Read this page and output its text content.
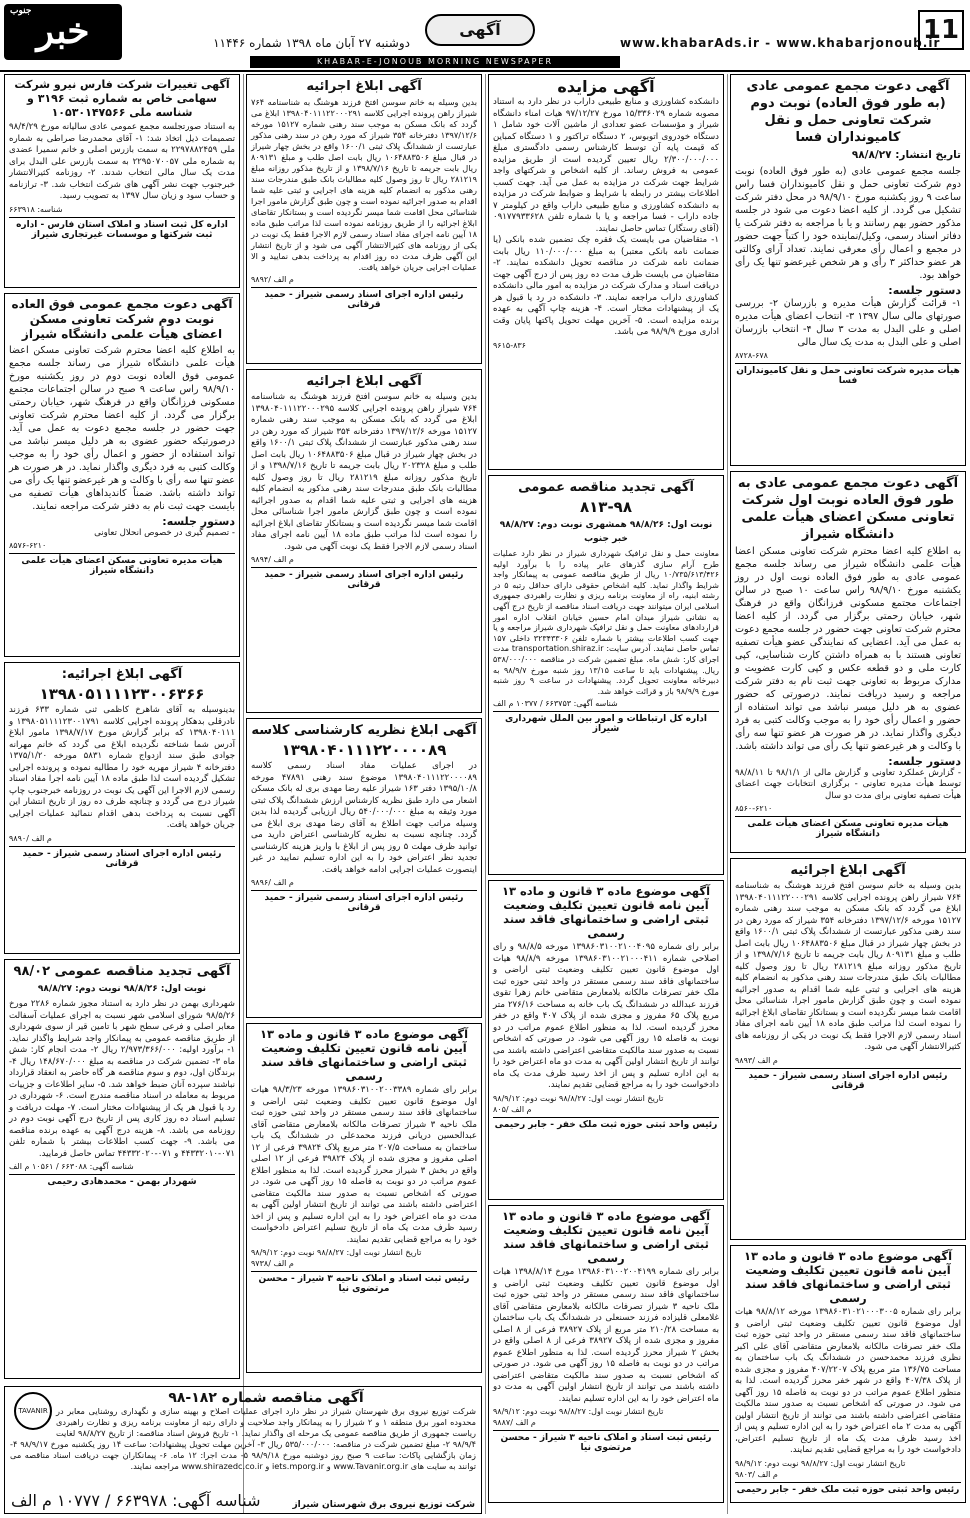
جنوب خبر	دوشنبه ۲۷ آبان ماه ۱۳۹۸ شماره ۱۱۴۴۶
آگهی
www.khabarAds.ir - www.khabarjonoub.ir
11
KHABAR-E-JONOUB MORNING NEWSPAPER
آگهی دعوت مجمع عمومی عادی (به طور فوق العاده) نوبت دوم شرکت تعاونی حمل و نقل کامیونداران فسا
تاریخ انتشار: ۹۸/۸/۲۷

جلسه مجمع عمومی عادی (به طور فوق العاده) نوبت دوم شرکت تعاونی حمل و نقل کامیونداران فسا راس ساعت ۹ روز یکشنبه مورخ ۹۸/۹/۱۰ در محل دفتر شرکت تشکیل می گردد. از کلیه اعضا دعوت می شود در جلسه مذکور حضور بهم رسانند و یا با مراجعه به دفتر شرکت یا دفاتر اسناد رسمی، وکیل/نماینده خود را کتباً جهت حضور در مجمع و اعمال رأی معرفی نمایند. تعداد آرای وکالتی هر عضو حداکثر ۳ رأی و هر شخص غیرعضو تنها یک رأی خواهد بود.

دستور جلسه:

۱- قرائت گزارش هیأت مدیره و بازرسان ۲- بررسی صورتهای مالی سال ۱۳۹۷ ۳- انتخاب اعضای هیأت مدیره اصلی و علی البدل به مدت ۳ سال ۴- انتخاب بازرسان اصلی و علی البدل به مدت یک سال مالی

۸۷۲۸-۶۷۸
هیأت مدیره شرکت تعاونی حمل و نقل کامیونداران فسا
آگهی دعوت مجمع عمومی عادی به طور فوق العاده نوبت اول شرکت تعاونی مسکن اعضای هیأت علمی دانشگاه شیراز

به اطلاع کلیه اعضا محترم شرکت تعاونی مسکن اعضا هیأت علمی دانشگاه شیراز می رساند جلسه مجمع عمومی عادی به طور فوق العاده نوبت اول در روز یکشنبه مورخ ۹۸/۹/۱۰ راس ساعت ۱۰ صبح در سالن اجتماعات مجتمع مسکونی فرزانگان واقع در فرهنگ شهر، خیابان رحمتی برگزار می گردد. از کلیه اعضا محترم شرکت تعاونی جهت حضور در جلسه مجمع دعوت به عمل می آید. اعضایی که نمایندگی عضو هیأت تصفیه تعاونی هستند با به همراه داشتن کارت شناسایی، کپی کارت ملی و دو قطعه عکس و کپی کارت عضویت و مدارک مربوط به تعاونی جهت ثبت نام به دفتر شرکت مراجعه و رسید دریافت نمایند. درصورتی که حضور عضوی به هر دلیل میسر نباشد می تواند استفاده از حضور و اعمال رأی خود را به موجب وکالت کتبی به فرد دیگری واگذار نماید. در هر صورت هر عضو تنها سه رأی با وکالت و هر غیرعضو تنها یک رأی می تواند داشته باشد.

دستور جلسه:

- گزارش عملکرد تعاونی و گزارش مالی از ۹۸/۱/۱ تا ۹۸/۸/۱۱ توسط هیأت مدیره تعاونی - برگزاری انتخابات جهت اعضای هیأت تصفیه تعاونی برای مدت دو سال

۸۵۶۰-۶۲۱۰
هیأت مدیره تعاونی مسکن اعضای هیأت علمی دانشگاه شیراز
آگهی ابلاغ اجرائیه

بدین وسیله به خانم سوسن افتخ فرزند هوشنگ به شناسنامه ۷۶۴ شیراز راهن پرونده اجرایی کلاسه ۱۳۹۸۰۴۰۱۱۱۲۲۰۰۰۲۹۱ ابلاغ می گردد که بانک مسکن به موجب سند رهنی شماره ۱۵۱۲۷ مورخه ۱۳۹۷/۱۲/۶ دفترخانه ۳۵۴ شیراز که مورد رهن در سند رهنی مذکور عبارتست از ششدانگ پلاک ثبتی ۱۶۰۰/۱ واقع در بخش چهار شیراز در قبال مبلغ ۱۰۶۴۸۸۳۵۰۶ ریال بابت اصل طلب و مبلغ ۸۰۹۱۳۱ ریال بابت جریمه تا تاریخ ۱۳۹۸/۷/۱۶ و از تاریخ مذکور روزانه مبلغ ۲۸۱۲۱۹ ریال تا روز وصول کلیه مطالبات بانک طبق مندرجات سند رهنی مذکور به انضمام کلیه هزینه های اجرایی و ثبتی علیه شما اقدام به صدور اجرائیه نموده است و چون طبق گزارش مامور اجرا، شناسائی محل اقامت شما میسر نگردیده است و بستانکار تقاضای ابلاغ اجرائیه را نموده است لذا مراتب طبق ماده ۱۸ آیین نامه اجرای مفاد اسناد رسمی لازم الاجرا فقط یک نوبت در یکی از روزنامه های کثیرالانتشار آگهی می شود.

۹۸۹۳/ م الف
رئیس اداره اجرای اسناد رسمی شیراز - حمید قرقانی
آگهی موضوع ماده ۳ قانون و ماده ۱۳ آیین نامه قانون تعیین تکلیف وضعیت ثبتی اراضی و ساختمانهای فاقد سند رسمی

برابر رای شماره ۱۳۹۸۶۰۳۱۰۲۱۰۰۰۳۰۰۵ مورخه ۹۸/۸/۱۲ هیات اول موضوع قانون تعیین تکلیف وضعیت ثبتی اراضی و ساختمانهای فاقد سند رسمی مستقر در واحد ثبتی حوزه ثبت ملک خفر تصرفات مالکانه بلامعارض متقاضی آقای علی اکبر نظری فرزند محمدحسن در ششدانگ یک باب ساختمان به مساحت ۱۳۶/۷۵ متر مربع پلاک ۴۰۷/۲۲۰۷ مفروز و مجزی شده از پلاک ۴۰۷/۳۸ واقع در شهر خفر محرز گردیده است. لذا به منظور اطلاع عموم مراتب در دو نوبت به فاصله ۱۵ روز آگهی می شود. در صورتی که اشخاص نسبت به صدور سند مالکیت متقاضی اعتراضی داشته باشند می توانند از تاریخ انتشار اولین آگهی به مدت ۲ ماه اعتراض خود را به این اداره تسلیم و پس از اخذ رسید ظرف مدت یک ماه از تاریخ تسلیم اعتراض، دادخواست خود را به مراجع قضایی تقدیم نمایند.

تاریخ انتشار نوبت اول: ۹۸/۸/۲۷ نوبت دوم: ۹۸/۹/۱۲
۹۸۰۳/ م الف
رئیس واحد ثبتی حوزه ثبت ملک خفر - جابر رحیمی
آگهی مزایده

دانشکده کشاورزی و منابع طبیعی داراب در نظر دارد به استناد مصوبه شماره ۱۵/۳۳۶۰۲۹ مورخ ۹۷/۱۲/۲۷ هیات امناء دانشگاه شیراز و مؤسسات عضو تعدادی از ماشین آلات خود شامل ۱ دستگاه خودروی اتوبوس، ۲ دستگاه تراکتور و ۱ دستگاه کمباین که قیمت پایه آن توسط کارشناس رسمی دادگستری مبلغ ۲/۳۰۰/۰۰۰/۰۰۰ ریال تعیین گردیده است از طریق مزایده عمومی به فروش رساند. از کلیه اشخاص و شرکتهای واجد شرایط جهت شرکت در مزایده به عمل می آید. جهت کسب اطلاعات بیشتر در رابطه با شرایط و ضوابط شرکت در مزایده به دانشکده کشاورزی و منابع طبیعی داراب واقع در کیلومتر ۷ جاده داراب - فسا مراجعه و یا با شماره تلفن ۰۹۱۷۷۹۳۳۶۲۸ (آقای رستگار) تماس حاصل نمایند.

۱- متقاضیان می بایست یک فقره چک تضمین شده بانکی (یا ضمانت نامه بانکی معتبر) به مبلغ ۱۱۰/۰۰۰/۰۰۰ ریال بابت ضمانت نامه شرکت در مناقصه تحویل دانشکده نمایند. ۲- متقاضیان می بایست ظرف مدت ده روز پس از درج آگهی جهت دریافت اسناد و مدارک شرکت در مزایده به امور مالی دانشکده کشاورزی داراب مراجعه نمایند. ۳- دانشکده در رد یا قبول هر یک از پیشنهادات مختار است. ۴- هزینه چاپ آگهی به عهده برنده مزایده است. ۵- آخرین مهلت تحویل پاکتها پایان وقت اداری مورخ ۹۸/۹/۹ می باشد.

۹۶۱۵-۸۳۶
آگهی تجدید مناقصه عمومی
۸۱۳-۹۸
نوبت اول: ۹۸/۸/۲۶ همشهری نوبت دوم: ۹۸/۸/۲۷ خبر جنوب

معاونت حمل و نقل ترافیک شهرداری شیراز در نظر دارد عملیات طرح آرام سازی گذرهای عابر پیاده را با برآورد اولیه ۱۰/۷۳۵/۶۱۳/۴۲۶ ریال از طریق مناقصه عمومی به پیمانکار واجد شرایط واگذار نماید. کلیه اشخاص حقوقی دارای حداقل رتبه ۵ در رشته ابنیه، راه از معاونت برنامه ریزی و نظارت راهبردی جمهوری اسلامی ایران میتوانند جهت دریافت اسناد مناقصه از تاریخ درج آگهی به نشانی شیراز میدان امام حسین خیابان انقلاب اداره امور قراردادهای معاونت حمل و نقل ترافیک شهرداری شیراز مراجعه و یا جهت کسب اطلاعات بیشتر با شماره تلفن ۳۲۳۴۳۳۰۶ داخلی ۱۵۷ تماس حاصل نمایند. آدرس سایت: transportation.shiraz.ir مدت اجرای کار: شش ماه. مبلغ تضمین شرکت در مناقصه ۵۳۸/۰۰۰/۰۰۰ ریال. پیشنهادات باید تا ساعت ۱۳/۱۵ روز شنبه مورخ ۹۸/۹/۷ به دبیرخانه معاونت تحویل گردد. پیشنهادات در ساعت ۹ روز شنبه مورخ ۹۸/۹/۹ باز و قرائت خواهد شد.

شناسه آگهی: ۶۶۳۷۵۳ / ۱۰۳۷۷ م الف
اداره کل ارتباطات و امور بین الملل شهرداری شیراز
آگهی موضوع ماده ۳ قانون و ماده ۱۳ آیین نامه قانون تعیین تکلیف وضعیت ثبتی اراضی و ساختمانهای فاقد سند رسمی

برابر رای شماره ۱۳۹۸۶۰۳۱۰۰۲۱۰۰۴۰۹۵ مورخه ۹۸/۸/۵ و رای اصلاحی شماره ۱۳۹۸۶۰۳۱۰۰۲۱۰۰۰۴۱۱ مورخه ۹۸/۸/۹ هیات اول موضوع قانون تعیین تکلیف وضعیت ثبتی اراضی و ساختمانهای فاقد سند رسمی مستقر در واحد ثبتی حوزه ثبت ملک خفر تصرفات مالکانه بلامعارض متقاضی خانم زهرا تقوی فرزند عبدالله در ششدانگ یک باب خانه به مساحت ۲۷۶/۱۶ متر مربع پلاک ۶۵ مفروز و مجزی شده از پلاک ۴۰۷ واقع در خفر محرز گردیده است. لذا به منظور اطلاع عموم مراتب در دو نوبت به فاصله ۱۵ روز آگهی می شود. در صورتی که اشخاص نسبت به صدور سند مالکیت متقاضی اعتراضی داشته باشند می توانند از تاریخ انتشار اولین آگهی به مدت دو ماه اعتراض خود را به این اداره تسلیم و پس از اخذ رسید ظرف مدت یک ماه دادخواست خود را به مراجع قضایی تقدیم نمایند.

تاریخ انتشار نوبت اول: ۹۸/۸/۲۷ نوبت دوم: ۹۸/۹/۱۲
۸۰۵/ م الف
رئیس واحد ثبتی حوزه ثبت ملک خفر - جابر رحیمی
آگهی موضوع ماده ۳ قانون و ماده ۱۳ آیین نامه قانون تعیین تکلیف وضعیت ثبتی اراضی و ساختمانهای فاقد سند رسمی

برابر رای شماره ۱۳۹۸۶۰۳۱۰۰۲۰۰۴۱۹۹ مورخ ۱۳۹۸/۸/۱۴ هیات اول موضوع قانون تعیین تکلیف وضعیت ثبتی اراضی و ساختمانهای فاقد سند رسمی مستقر در واحد ثبتی حوزه ثبت ملک ناحیه ۳ شیراز تصرفات مالکانه بلامعارض متقاضی آقای غلامعلی قلیزاده فرزند حسنعلی در ششدانگ یک باب ساختمان به مساحت ۲۱۰/۲۸ متر مربع از پلاک ۳۸۹۲۷ فرعی از ۸ اصلی مفروز و مجزی شده از پلاک ۳۸۹۲۷ فرعی از ۸ اصلی واقع در بخش ۲ شیراز محرز گردیده است. لذا به منظور اطلاع عموم مراتب در دو نوبت به فاصله ۱۵ روز آگهی می شود. در صورتی که اشخاص نسبت به صدور سند مالکیت متقاضی اعتراضی داشته باشند می توانند از تاریخ انتشار اولین آگهی به مدت دو ماه اعتراض خود را به این اداره تسلیم نمایند.

تاریخ انتشار نوبت اول: ۹۸/۸/۲۷ نوبت دوم: ۹۸/۹/۱۲
۹۸۸۷/ م الف
رئیس ثبت اسناد و املاک ناحیه ۳ شیراز - محسن مرتضوی نیا
آگهی ابلاغ اجرائیه

بدین وسیله به خانم سوسن افتخ فرزند هوشنگ به شناسنامه ۷۶۴ شیراز راهن پرونده اجرایی کلاسه ۱۳۹۸۰۴۰۱۱۱۲۲۰۰۰۲۹۱ ابلاغ می گردد که بانک مسکن به موجب سند رهنی شماره ۱۵۱۲۷ مورخه ۱۳۹۷/۱۲/۶ دفترخانه ۳۵۴ شیراز که مورد رهن در سند رهنی مذکور عبارتست از ششدانگ پلاک ثبتی ۱۶۰۰/۱ واقع در بخش چهار شیراز در قبال مبلغ ۱۰۶۴۸۸۳۵۰۶ ریال بابت اصل طلب و مبلغ ۸۰۹۱۳۱ ریال بابت جریمه تا تاریخ ۱۳۹۸/۷/۱۶ و از تاریخ مذکور روزانه مبلغ ۲۸۱۲۱۹ ریال تا روز وصول کلیه مطالبات بانک طبق مندرجات سند رهنی مذکور به انضمام کلیه هزینه های اجرایی و ثبتی علیه شما اقدام به صدور اجرائیه نموده است و چون طبق گزارش مامور اجرا شناسائی محل اقامت شما میسر نگردیده است و بستانکار تقاضای ابلاغ اجرائیه را از طریق روزنامه نموده است لذا مراتب طبق ماده ۱۸ آیین نامه اجرای مفاد اسناد رسمی لازم الاجرا فقط یک نوبت در یکی از روزنامه های کثیرالانتشار آگهی می شود و از تاریخ انتشار این آگهی ظرف مدت ده روز اقدام به پرداخت بدهی نمایید و الا عملیات اجرایی جریان خواهد یافت.

۹۸۹۲/ م الف
رئیس اداره اجرای اسناد رسمی شیراز - حمید قرقانی
آگهی ابلاغ اجرائیه

بدین وسیله به خانم سوسن افتخ فرزند هوشنگ به شناسنامه ۷۶۴ شیراز راهن پرونده اجرایی کلاسه ۱۳۹۸۰۴۰۱۱۱۲۲۰۰۰۲۹۵ ابلاغ می گردد که بانک مسکن به موجب سند رهنی شماره ۱۵۱۲۷ مورخه ۱۳۹۷/۱۲/۶ دفترخانه ۳۵۴ شیراز که مورد رهن در سند رهنی مذکور عبارتست از ششدانگ پلاک ثبتی ۱۶۰۰/۱ واقع در بخش چهار شیراز در قبال مبلغ ۱۰۶۴۸۸۳۵۰۶ ریال بابت اصل طلب و مبلغ ۲۰۲۳۲۸ ریال بابت جریمه تا تاریخ ۱۳۹۸/۷/۱۶ و از تاریخ مذکور روزانه مبلغ ۲۸۱۲۱۹ ریال تا روز وصول کلیه مطالبات بانک طبق مندرجات سند رهنی مذکور به انضمام کلیه هزینه های اجرایی و ثبتی علیه شما اقدام به صدور اجرائیه نموده است و چون طبق گزارش مامور اجرا شناسائی محل اقامت شما میسر نگردیده است و بستانکار تقاضای ابلاغ اجرائیه را نموده است لذا مراتب طبق ماده ۱۸ آیین نامه اجرای مفاد اسناد رسمی لازم الاجرا فقط یک نوبت آگهی می شود.

۹۸۹۴/ م الف
رئیس اداره اجرای اسناد رسمی شیراز - حمید قرقانی
آگهی ابلاغ نظریه کارشناسی کلاسه
۱۳۹۸۰۴۰۱۱۱۲۲۰۰۰۰۸۹

در اجرای عملیات مفاد اسناد رسمی کلاسه ۱۳۹۸۰۴۰۱۱۱۲۲۰۰۰۰۸۹ موضوع سند رهنی ۴۷۸۹۱ مورخه ۱۳۹۵/۱۰/۸ دفتر ۱۶۳ شیراز علیه رضا مهدی بری له بانک مسکن اشعار می دارد طبق نظریه کارشناس ارزش ششدانگ پلاک ثبتی مورد وثیقه به مبلغ ۵۴۰/۰۰۰/۰۰۰ ریال ارزیابی گردیده لذا بدین وسیله مراتب جهت اطلاع به آقای رضا مهدی بری ابلاغ می گردد. چنانچه نسبت به نظریه کارشناسی اعتراض دارید می توانید ظرف مهلت ۵ روز پس از ابلاغ با واریز هزینه کارشناسی تجدید نظر اعتراض خود را به این اداره تسلیم نمایید در غیر اینصورت عملیات اجرایی ادامه خواهد یافت.

۹۸۹۶/ م الف
رئیس اداره اجرای اسناد رسمی شیراز - حمید قرقانی
آگهی موضوع ماده ۳ قانون و ماده ۱۳ آیین نامه قانون تعیین تکلیف وضعیت ثبتی اراضی و ساختمانهای فاقد سند رسمی

برابر رای شماره ۱۳۹۸۶۰۳۱۰۰۲۰۰۳۳۸۹ مورخه ۹۸/۳/۲۳ هیات اول موضوع قانون تعیین تکلیف وضعیت ثبتی اراضی و ساختمانهای فاقد سند رسمی مستقر در واحد ثبتی حوزه ثبت ملک ناحیه ۳ شیراز تصرفات مالکانه بلامعارض متقاضی آقای عبدالحسین دریانی فرزند محمدعلی در ششدانگ یک باب ساختمان به مساحت ۲۰۷/۵ متر مربع پلاک ۳۹۸۲۴ فرعی از ۱۲ اصلی مفروز و مجزی شده از پلاک ۳۹۸۲۴ فرعی از ۱۲ اصلی واقع در بخش ۳ شیراز محرز گردیده است. لذا به منظور اطلاع عموم مراتب در دو نوبت به فاصله ۱۵ روز آگهی می شود. در صورتی که اشخاص نسبت به صدور سند مالکیت متقاضی اعتراضی داشته باشند می توانند از تاریخ انتشار اولین آگهی به مدت دو ماه اعتراض خود را به این اداره تسلیم و پس از اخذ رسید ظرف مدت یک ماه از تاریخ تسلیم اعتراض دادخواست خود را به مراجع قضایی تقدیم نمایند.

تاریخ انتشار نوبت اول: ۹۸/۸/۲۷ نوبت دوم: ۹۸/۹/۱۲
۹۷۳۸/ م الف
رئیس ثبت اسناد و املاک ناحیه ۳ شیراز - محسن مرتضوی نیا
آگهی تغییرات شرکت فارس نیرو شرکت سهامی خاص به شماره ثبت ۳۱۹۶ و شناسه ملی ۱۰۵۳۰۱۴۷۵۶۶

به استناد صورتجلسه مجمع عمومی عادی سالیانه مورخ ۹۸/۴/۲۹ تصمیمات ذیل اتخاذ شد: ۱- آقای محمدرضا صراطی به شماره ملی ۲۲۹۷۸۸۲۴۵۹ به سمت بازرس اصلی و خانم سمیرا عضدی به شماره ملی ۲۲۹۵۰۷۰۰۵۷ به سمت بازرس علی البدل برای مدت یک سال مالی انتخاب شدند. ۲- روزنامه کثیرالانتشار خبرجنوب جهت نشر آگهی های شرکت انتخاب شد. ۳- ترازنامه و حساب سود و زیان سال ۱۳۹۷ به تصویب رسید.

شناسه: ۶۶۳۹۱۸
اداره کل ثبت اسناد و املاک استان فارس - اداره ثبت شرکتها و موسسات غیرتجاری شیراز
آگهی دعوت مجمع عمومی فوق العاده نوبت دوم شرکت تعاونی مسکن اعضای هیأت علمی دانشگاه شیراز

به اطلاع کلیه اعضا محترم شرکت تعاونی مسکن اعضا هیأت علمی دانشگاه شیراز می رساند جلسه مجمع عمومی فوق العاده نوبت دوم در روز یکشنبه مورخ ۹۸/۹/۱۰ راس ساعت ۹ صبح در سالن اجتماعات مجتمع مسکونی فرزانگان واقع در فرهنگ شهر، خیابان رحمتی برگزار می گردد. از کلیه اعضا محترم شرکت تعاونی جهت حضور در جلسه مجمع دعوت به عمل می آید. درصورتیکه حضور عضوی به هر دلیل میسر نباشد می تواند استفاده از حضور و اعمال رأی خود را به موجب وکالت کتبی به فرد دیگری واگذار نماید. در هر صورت هر عضو تنها سه رأی با وکالت و هر غیرعضو تنها یک رأی می تواند داشته باشد. ضمناً کاندیداهای هیأت تصفیه می بایست جهت ثبت نام به دفتر شرکت مراجعه نمایند.

دستور جلسه:

- تصمیم گیری در خصوص انحلال تعاونی

۸۵۷۶-۶۲۱۰
هیأت مدیره تعاونی مسکن اعضای هیأت علمی دانشگاه شیراز
آگهی ابلاغ اجرائیه:
۱۳۹۸۰۵۱۱۱۱۲۳۰۰۶۳۶۶

بدینوسیله به آقای شاهرخ کاظمی ثنی شماره ۶۳۳ فرزند نادرقلی بدهکار پرونده اجرایی کلاسه ۱۳۹۸۰۵۱۱۱۱۲۳۰۰۱۷۹۱ و ۱۳۹۸۰۴۰۱۱۱ که برابر گزارش مورخ ۱۳۹۸/۷/۱۷ مامور ابلاغ آدرس شما شناخته نگردیده ابلاغ می گردد که خانم مهرانه جوادی طبق سند ازدواج شماره ۵۸۳۱ مورخه ۱۳۷۵/۱/۲۰ دفترخانه ۴ شیراز مهریه خود را مطالبه نموده و پرونده اجرایی تشکیل گردیده است لذا طبق ماده ۱۸ آیین نامه اجرا مفاد اسناد رسمی لازم الاجرا این آگهی یک نوبت در روزنامه خبرجنوب چاپ شیراز درج می گردد و چنانچه ظرف ده روز از تاریخ انتشار این آگهی نسبت به پرداخت بدهی اقدام ننمائید عملیات اجرایی جریان خواهد یافت.

۹۸۹۰/ م الف
رئیس اداره اجرای اسناد رسمی شیراز - حمید قرقانی
آگهی تجدید مناقصه عمومی ۹۸/۰۲
نوبت اول: ۹۸/۸/۲۶ نوبت دوم: ۹۸/۸/۲۷

شهرداری بهمن در نظر دارد به استناد مجوز شماره ۲۲۸۶ مورخ ۹۸/۵/۲۶ شورای اسلامی شهر نسبت به اجرای عملیات آسفالت معابر اصلی و فرعی سطح شهر با تامین قیر از سوی شهرداری از طریق مناقصه عمومی به پیمانکار واجد شرایط واگذار نماید. ۱- برآورد اولیه: ۲/۹۷۳/۳۶۶/۰۰۰ ریال ۲- مدت انجام کار: شش ماه ۳- تضمین شرکت در مناقصه به مبلغ ۱۴۸/۶۷۰/۰۰۰ ریال ۴- برندگان اول، دوم و سوم مناقصه هر گاه حاضر به انعقاد قرارداد نباشند سپرده آنان ضبط خواهد شد. ۵- سایر اطلاعات و جزییات مربوط به معامله در اسناد مناقصه مندرج است. ۶- شهرداری در رد یا قبول هر یک از پیشنهادات مختار است. ۷- مهلت دریافت و تسلیم اسناد ده روز کاری پس از تاریخ درج آگهی نوبت دوم در روزنامه می باشد. ۸- هزینه درج آگهی به عهده برنده مناقصه می باشد. ۹- جهت کسب اطلاعات بیشتر با شماره تلفن ۰۷۱-۴۴۳۳۲۰۱۰ و ۰۷۱-۴۴۳۳۲۰۲۰ تماس حاصل فرمایید.

شناسه آگهی: ۶۶۳۰۸۸ / ۱۰۵۶۱ م الف
شهردار بهمن - محمدهادی رحیمی
TAVANIR
آگهی مناقصه شماره ۱۸۲-۹۸

شرکت توزیع نیروی برق شهرستان شیراز در نظر دارد اجرای عملیات اصلاح و بهینه سازی و نگهداری روشنایی معابر در محدوده امور برق منطقه ۱ و ۲ شیراز را به پیمانکار واجد صلاحیت و دارای رتبه از معاونت برنامه ریزی و نظارت راهبردی ریاست جمهوری از طریق مناقصه عمومی یک مرحله ای واگذار نماید. ۱- تاریخ فروش اسناد مناقصه: از تاریخ ۹۸/۸/۲۷ لغایت ۹۸/۹/۴ ۲- مبلغ تضمین شرکت در مناقصه: ۵۳۵/۰۰۰/۰۰۰ ریال ۳- آخرین مهلت تحویل پیشنهادات: ساعت ۱۴ روز یکشنبه مورخ ۹۸/۹/۱۷ ۴- زمان بازگشایی پاکات: ساعت ۹ صبح روز دوشنبه مورخ ۹۸/۹/۱۸ ۵- مدت اجرا: ۱۲ ماه. ۶- پیمانکاران جهت دریافت اسناد مناقصه می توانند به سایت های www.Tavanir.org.ir و iets.mporg.ir و www.shirazedc.co.ir مراجعه نمایند.

شناسه آگهی: ۶۶۳۹۷۸ / ۱۰۷۷۷ م الف	شرکت توزیع نیروی برق شهرستان شیراز
